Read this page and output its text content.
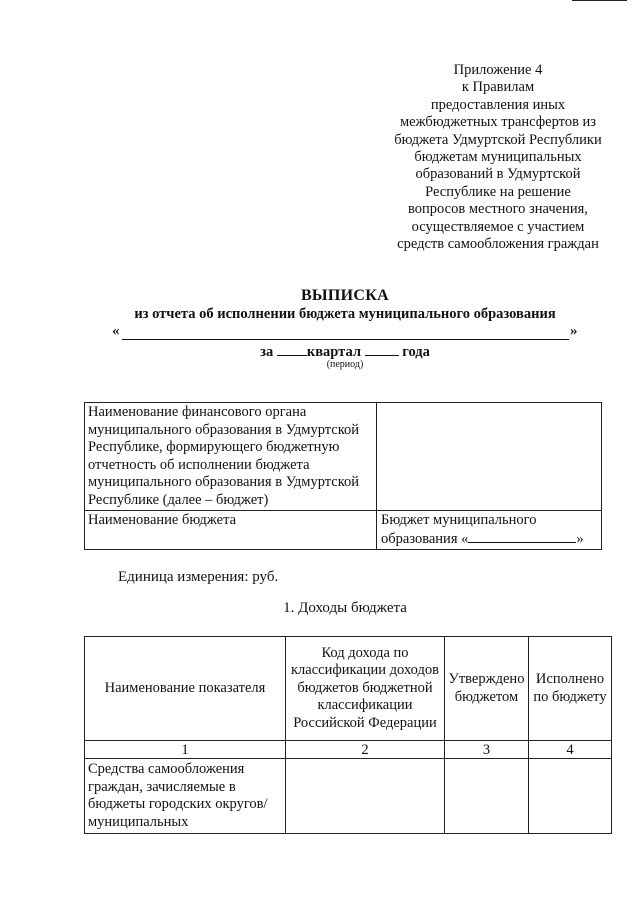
Приложение 4
к Правилам
предоставления иных
межбюджетных трансфертов из
бюджета Удмуртской Республики
бюджетам муниципальных
образований в Удмуртской
Республике на решение
вопросов местного значения,
осуществляемое с участием
средств самообложения граждан
ВЫПИСКА
из отчета об исполнении бюджета муниципального образования
«	»
за квартал	года
(период)
Наименование финансового органа муниципального образования в Удмуртской Республике, формирующего бюджетную отчетность об исполнении бюджета муниципального образования в Удмуртской Республике (далее – бюджет)	
Наименование бюджета	Бюджет муниципального образования « »
Единица измерения: руб.
1. Доходы бюджета
Наименование показателя	Код дохода по классификации доходов бюджетов бюджетной классификации Российской Федерации	Утверждено бюджетом	Исполнено по бюджету
1	2	3	4
Средства самообложения граждан, зачисляемые в бюджеты городских округов/муниципальных			
